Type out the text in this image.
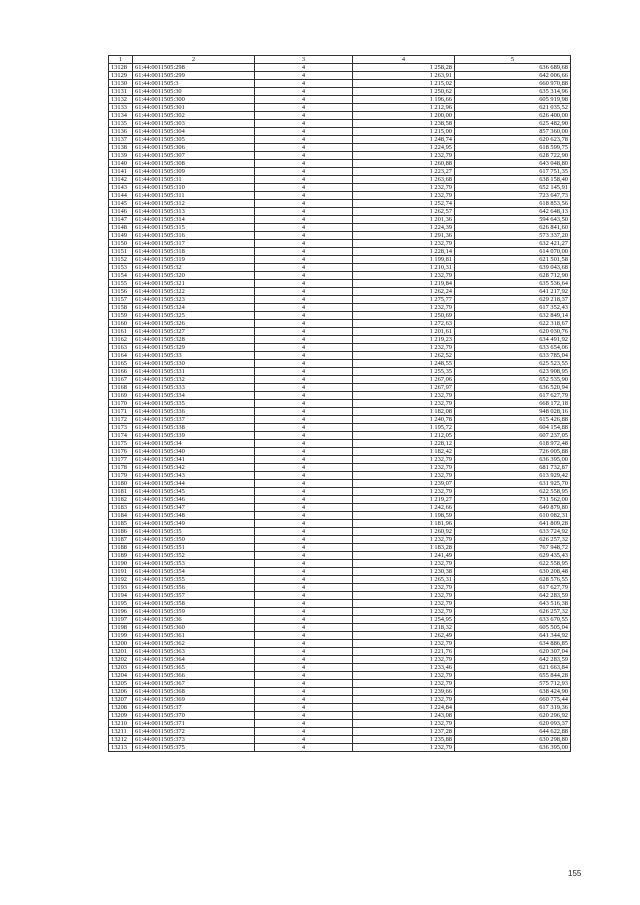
1	2	3	4	5
13128	61:44:0011505:298	4	1 258,28	636 689,68
13129	61:44:0011505:299	4	1 263,91	642 006,66
13130	61:44:0011505:3	4	1 215,02	660 970,88
13131	61:44:0011505:30	4	1 250,62	635 314,96
13132	61:44:0011505:300	4	1 196,66	605 919,98
13133	61:44:0011505:301	4	1 212,96	621 035,52
13134	61:44:0011505:302	4	1 200,00	626 400,00
13135	61:44:0011505:303	4	1 238,58	625 482,90
13136	61:44:0011505:304	4	1 215,00	857 360,00
13137	61:44:0011505:305	4	1 248,74	620 623,78
13138	61:44:0011505:306	4	1 224,95	618 599,75
13139	61:44:0011505:307	4	1 232,79	628 722,90
13140	61:44:0011505:308	4	1 260,88	643 048,80
13141	61:44:0011505:309	4	1 223,27	617 751,35
13142	61:44:0011505:31	4	1 263,68	638 158,40
13143	61:44:0011505:310	4	1 232,79	652 145,91
13144	61:44:0011505:311	4	1 232,79	723 647,73
13145	61:44:0011505:312	4	1 252,74	618 853,56
13146	61:44:0011505:313	4	1 262,57	642 648,13
13147	61:44:0011505:314	4	1 201,36	594 643,50
13148	61:44:0011505:315	4	1 224,39	626 841,60
13149	61:44:0011505:316	4	1 291,36	573 337,20
13150	61:44:0011505:317	4	1 232,79	632 421,27
13151	61:44:0011505:318	4	1 228,14	614 070,00
13152	61:44:0011505:319	4	1 199,81	621 501,58
13153	61:44:0011505:32	4	1 210,31	639 043,68
13154	61:44:0011505:320	4	1 232,79	628 712,90
13155	61:44:0011505:321	4	1 219,84	635 536,64
13156	61:44:0011505:322	4	1 262,24	641 217,92
13157	61:44:0011505:323	4	1 275,77	629 218,37
13158	61:44:0011505:324	4	1 232,79	617 352,43
13159	61:44:0011505:325	4	1 250,69	632 849,14
13160	61:44:0011505:326	4	1 272,63	622 318,67
13161	61:44:0011505:327	4	1 201,61	620 030,76
13162	61:44:0011505:328	4	1 219,23	634 491,92
13163	61:44:0011505:329	4	1 232,79	633 654,06
13164	61:44:0011505:33	4	1 262,52	633 785,04
13165	61:44:0011505:330	4	1 248,55	625 523,55
13166	61:44:0011505:331	4	1 255,35	623 908,95
13167	61:44:0011505:332	4	1 267,06	652 535,90
13168	61:44:0011505:333	4	1 267,97	636 520,94
13169	61:44:0011505:334	4	1 232,79	617 627,79
13170	61:44:0011505:335	4	1 232,79	668 172,18
13171	61:44:0011505:336	4	1 182,08	948 028,16
13172	61:44:0011505:337	4	1 240,78	615 426,88
13173	61:44:0011505:338	4	1 195,72	604 154,88
13174	61:44:0011505:339	4	1 212,05	607 237,05
13175	61:44:0011505:34	4	1 228,12	618 972,48
13176	61:44:0011505:340	4	1 182,42	726 005,88
13177	61:44:0011505:341	4	1 232,79	636 395,00
13178	61:44:0011505:342	4	1 232,79	681 732,87
13179	61:44:0011505:343	4	1 232,79	613 929,42
13180	61:44:0011505:344	4	1 239,07	631 925,70
13181	61:44:0011505:345	4	1 232,79	622 558,95
13182	61:44:0011505:346	4	1 219,27	731 562,00
13183	61:44:0011505:347	4	1 242,66	649 879,80
13184	61:44:0011505:348	4	1 198,59	610 082,31
13185	61:44:0011505:349	4	1 181,96	641 809,28
13186	61:44:0011505:35	4	1 260,92	633 724,92
13187	61:44:0011505:350	4	1 232,79	626 257,32
13188	61:44:0011505:351	4	1 183,28	767 948,72
13189	61:44:0011505:352	4	1 241,49	629 435,43
13190	61:44:0011505:353	4	1 232,79	622 558,95
13191	61:44:0011505:354	4	1 230,38	630 208,48
13192	61:44:0011505:355	4	1 265,31	628 576,55
13193	61:44:0011505:356	4	1 232,79	617 627,79
13194	61:44:0011505:357	4	1 232,79	642 283,59
13195	61:44:0011505:358	4	1 232,79	643 516,38
13196	61:44:0011505:359	4	1 232,79	626 257,32
13197	61:44:0011505:36	4	1 254,95	633 670,55
13198	61:44:0011505:360	4	1 218,32	605 505,04
13199	61:44:0011505:361	4	1 262,49	641 344,92
13200	61:44:0011505:362	4	1 232,79	634 886,85
13201	61:44:0011505:363	4	1 221,76	620 307,04
13202	61:44:0011505:364	4	1 232,79	642 283,59
13203	61:44:0011505:365	4	1 233,46	621 663,84
13204	61:44:0011505:366	4	1 232,79	655 844,28
13205	61:44:0011505:367	4	1 232,79	575 712,93
13206	61:44:0011505:368	4	1 239,66	638 424,90
13207	61:44:0011505:369	4	1 232,79	660 775,44
13208	61:44:0011505:37	4	1 224,84	617 319,36
13209	61:44:0011505:370	4	1 243,08	620 296,92
13210	61:44:0011505:371	4	1 232,79	620 093,37
13211	61:44:0011505:372	4	1 237,28	644 622,88
13212	61:44:0011505:373	4	1 235,88	630 298,80
13213	61:44:0011505:375	4	1 232,79	636 395,00
155
